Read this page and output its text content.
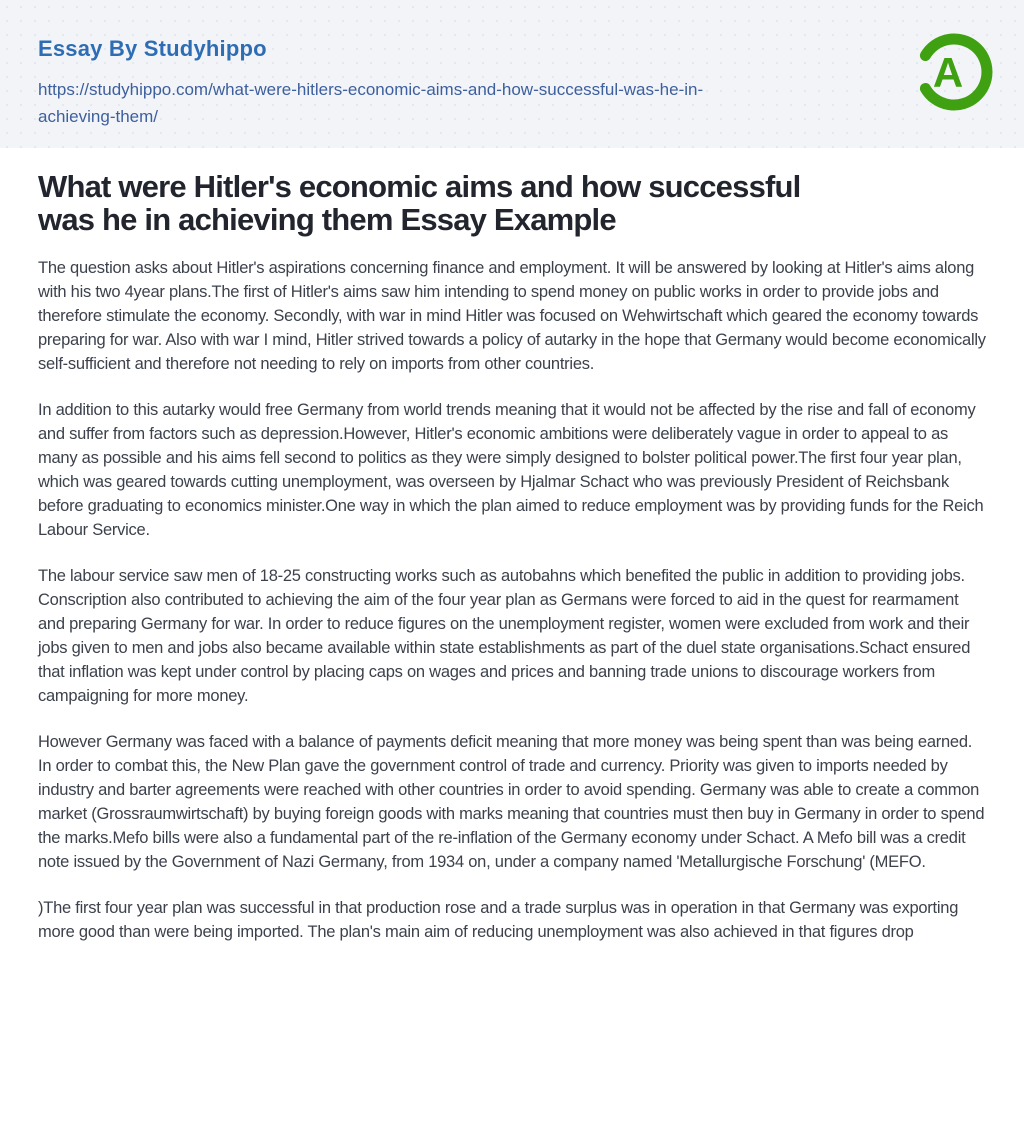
Essay By Studyhippo
https://studyhippo.com/what-were-hitlers-economic-aims-and-how-successful-was-he-in-achieving-them/
A
What were Hitler's economic aims and how successful was he in achieving them Essay Example

The question asks about Hitler's aspirations concerning finance and employment. It will be answered by looking at Hitler's aims along with his two 4year plans.The first of Hitler's aims saw him intending to spend money on public works in order to provide jobs and therefore stimulate the economy. Secondly, with war in mind Hitler was focused on Wehwirtschaft which geared the economy towards preparing for war. Also with war I mind, Hitler strived towards a policy of autarky in the hope that Germany would become economically self-sufficient and therefore not needing to rely on imports from other countries.

In addition to this autarky would free Germany from world trends meaning that it would not be affected by the rise and fall of economy and suffer from factors such as depression.However, Hitler's economic ambitions were deliberately vague in order to appeal to as many as possible and his aims fell second to politics as they were simply designed to bolster political power.The first four year plan, which was geared towards cutting unemployment, was overseen by Hjalmar Schact who was previously President of Reichsbank before graduating to economics minister.One way in which the plan aimed to reduce employment was by providing funds for the Reich Labour Service.

The labour service saw men of 18-25 constructing works such as autobahns which benefited the public in addition to providing jobs. Conscription also contributed to achieving the aim of the four year plan as Germans were forced to aid in the quest for rearmament and preparing Germany for war. In order to reduce figures on the unemployment register, women were excluded from work and their jobs given to men and jobs also became available within state establishments as part of the duel state organisations.Schact ensured that inflation was kept under control by placing caps on wages and prices and banning trade unions to discourage workers from campaigning for more money.

However Germany was faced with a balance of payments deficit meaning that more money was being spent than was being earned. In order to combat this, the New Plan gave the government control of trade and currency. Priority was given to imports needed by industry and barter agreements were reached with other countries in order to avoid spending. Germany was able to create a common market (Grossraumwirtschaft) by buying foreign goods with marks meaning that countries must then buy in Germany in order to spend the marks.Mefo bills were also a fundamental part of the re-inflation of the Germany economy under Schact. A Mefo bill was a credit note issued by the Government of Nazi Germany, from 1934 on, under a company named 'Metallurgische Forschung' (MEFO.

)The first four year plan was successful in that production rose and a trade surplus was in operation in that Germany was exporting more good than were being imported. The plan's main aim of reducing unemployment was also achieved in that figures drop
